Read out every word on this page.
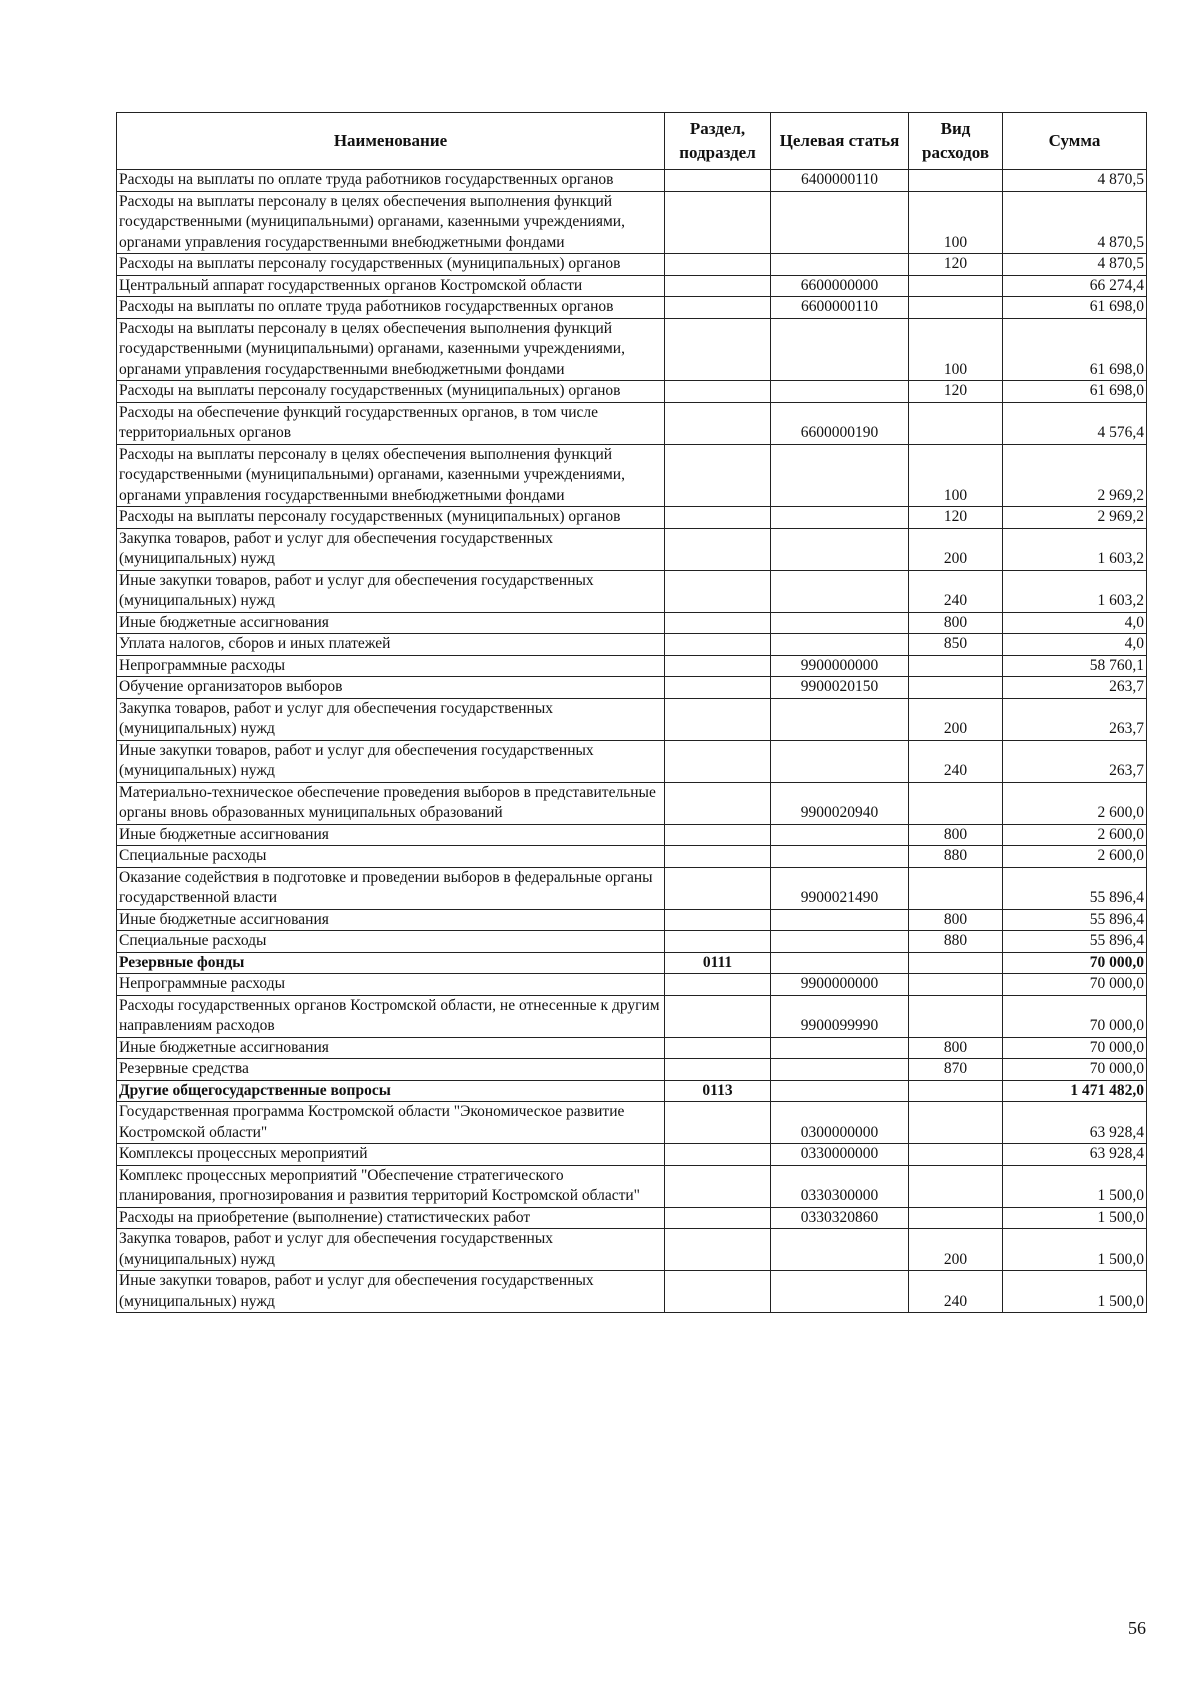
Наименование	Раздел, подраздел	Целевая статья	Вид расходов	Сумма
Расходы на выплаты по оплате труда работников государственных органов		6400000110		4 870,5
Расходы на выплаты персоналу в целях обеспечения выполнения функций государственными (муниципальными) органами, казенными учреждениями, органами управления государственными внебюджетными фондами			100	4 870,5
Расходы на выплаты персоналу государственных (муниципальных) органов			120	4 870,5
Центральный аппарат государственных органов Костромской области		6600000000		66 274,4
Расходы на выплаты по оплате труда работников государственных органов		6600000110		61 698,0
Расходы на выплаты персоналу в целях обеспечения выполнения функций государственными (муниципальными) органами, казенными учреждениями, органами управления государственными внебюджетными фондами			100	61 698,0
Расходы на выплаты персоналу государственных (муниципальных) органов			120	61 698,0
Расходы на обеспечение функций государственных органов, в том числе территориальных органов		6600000190		4 576,4
Расходы на выплаты персоналу в целях обеспечения выполнения функций государственными (муниципальными) органами, казенными учреждениями, органами управления государственными внебюджетными фондами			100	2 969,2
Расходы на выплаты персоналу государственных (муниципальных) органов			120	2 969,2
Закупка товаров, работ и услуг для обеспечения государственных (муниципальных) нужд			200	1 603,2
Иные закупки товаров, работ и услуг для обеспечения государственных (муниципальных) нужд			240	1 603,2
Иные бюджетные ассигнования			800	4,0
Уплата налогов, сборов и иных платежей			850	4,0
Непрограммные расходы		9900000000		58 760,1
Обучение организаторов выборов		9900020150		263,7
Закупка товаров, работ и услуг для обеспечения государственных (муниципальных) нужд			200	263,7
Иные закупки товаров, работ и услуг для обеспечения государственных (муниципальных) нужд			240	263,7
Материально-техническое обеспечение проведения выборов в представительные органы вновь образованных муниципальных образований		9900020940		2 600,0
Иные бюджетные ассигнования			800	2 600,0
Специальные расходы			880	2 600,0
Оказание содействия в подготовке и проведении выборов в федеральные органы государственной власти		9900021490		55 896,4
Иные бюджетные ассигнования			800	55 896,4
Специальные расходы			880	55 896,4
Резервные фонды	0111			70 000,0
Непрограммные расходы		9900000000		70 000,0
Расходы государственных органов Костромской области, не отнесенные к другим направлениям расходов		9900099990		70 000,0
Иные бюджетные ассигнования			800	70 000,0
Резервные средства			870	70 000,0
Другие общегосударственные вопросы	0113			1 471 482,0
Государственная программа Костромской области "Экономическое развитие Костромской области"		0300000000		63 928,4
Комплексы процессных мероприятий		0330000000		63 928,4
Комплекс процессных мероприятий "Обеспечение стратегического планирования, прогнозирования и развития территорий Костромской области"		0330300000		1 500,0
Расходы на приобретение (выполнение) статистических работ		0330320860		1 500,0
Закупка товаров, работ и услуг для обеспечения государственных (муниципальных) нужд			200	1 500,0
Иные закупки товаров, работ и услуг для обеспечения государственных (муниципальных) нужд			240	1 500,0
56
